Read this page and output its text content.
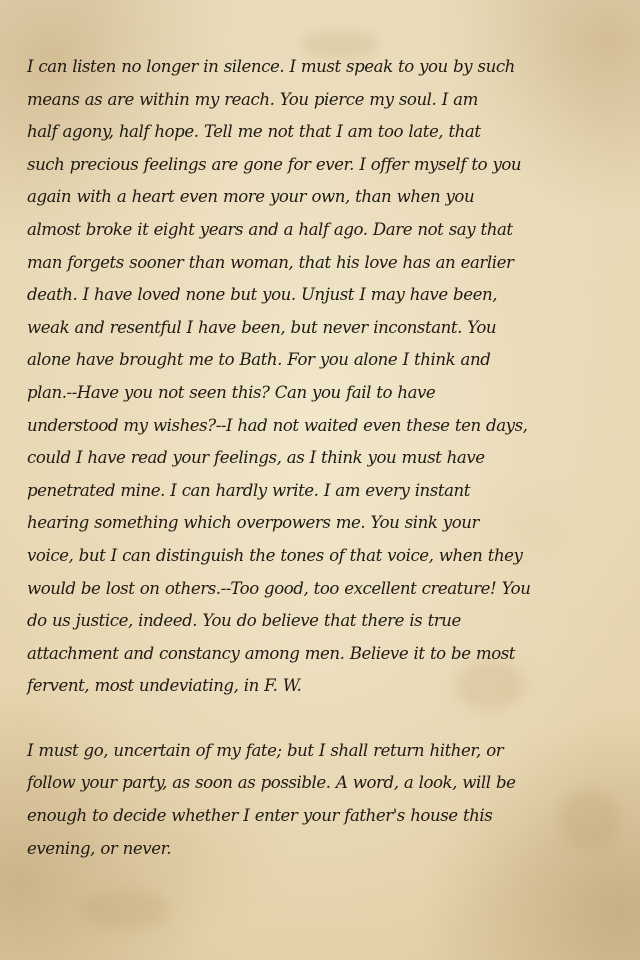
I can listen no longer in silence. I must speak to you by such
means as are within my reach. You pierce my soul. I am
half agony, half hope. Tell me not that I am too late, that
such precious feelings are gone for ever. I offer myself to you
again with a heart even more your own, than when you
almost broke it eight years and a half ago. Dare not say that
man forgets sooner than woman, that his love has an earlier
death. I have loved none but you. Unjust I may have been,
weak and resentful I have been, but never inconstant. You
alone have brought me to Bath. For you alone I think and
plan.--Have you not seen this? Can you fail to have
understood my wishes?--I had not waited even these ten days,
could I have read your feelings, as I think you must have
penetrated mine. I can hardly write. I am every instant
hearing something which overpowers me. You sink your
voice, but I can distinguish the tones of that voice, when they
would be lost on others.--Too good, too excellent creature! You
do us justice, indeed. You do believe that there is true
attachment and constancy among men. Believe it to be most
fervent, most undeviating, in F. W.
I must go, uncertain of my fate; but I shall return hither, or
follow your party, as soon as possible. A word, a look, will be
enough to decide whether I enter your father's house this
evening, or never.
